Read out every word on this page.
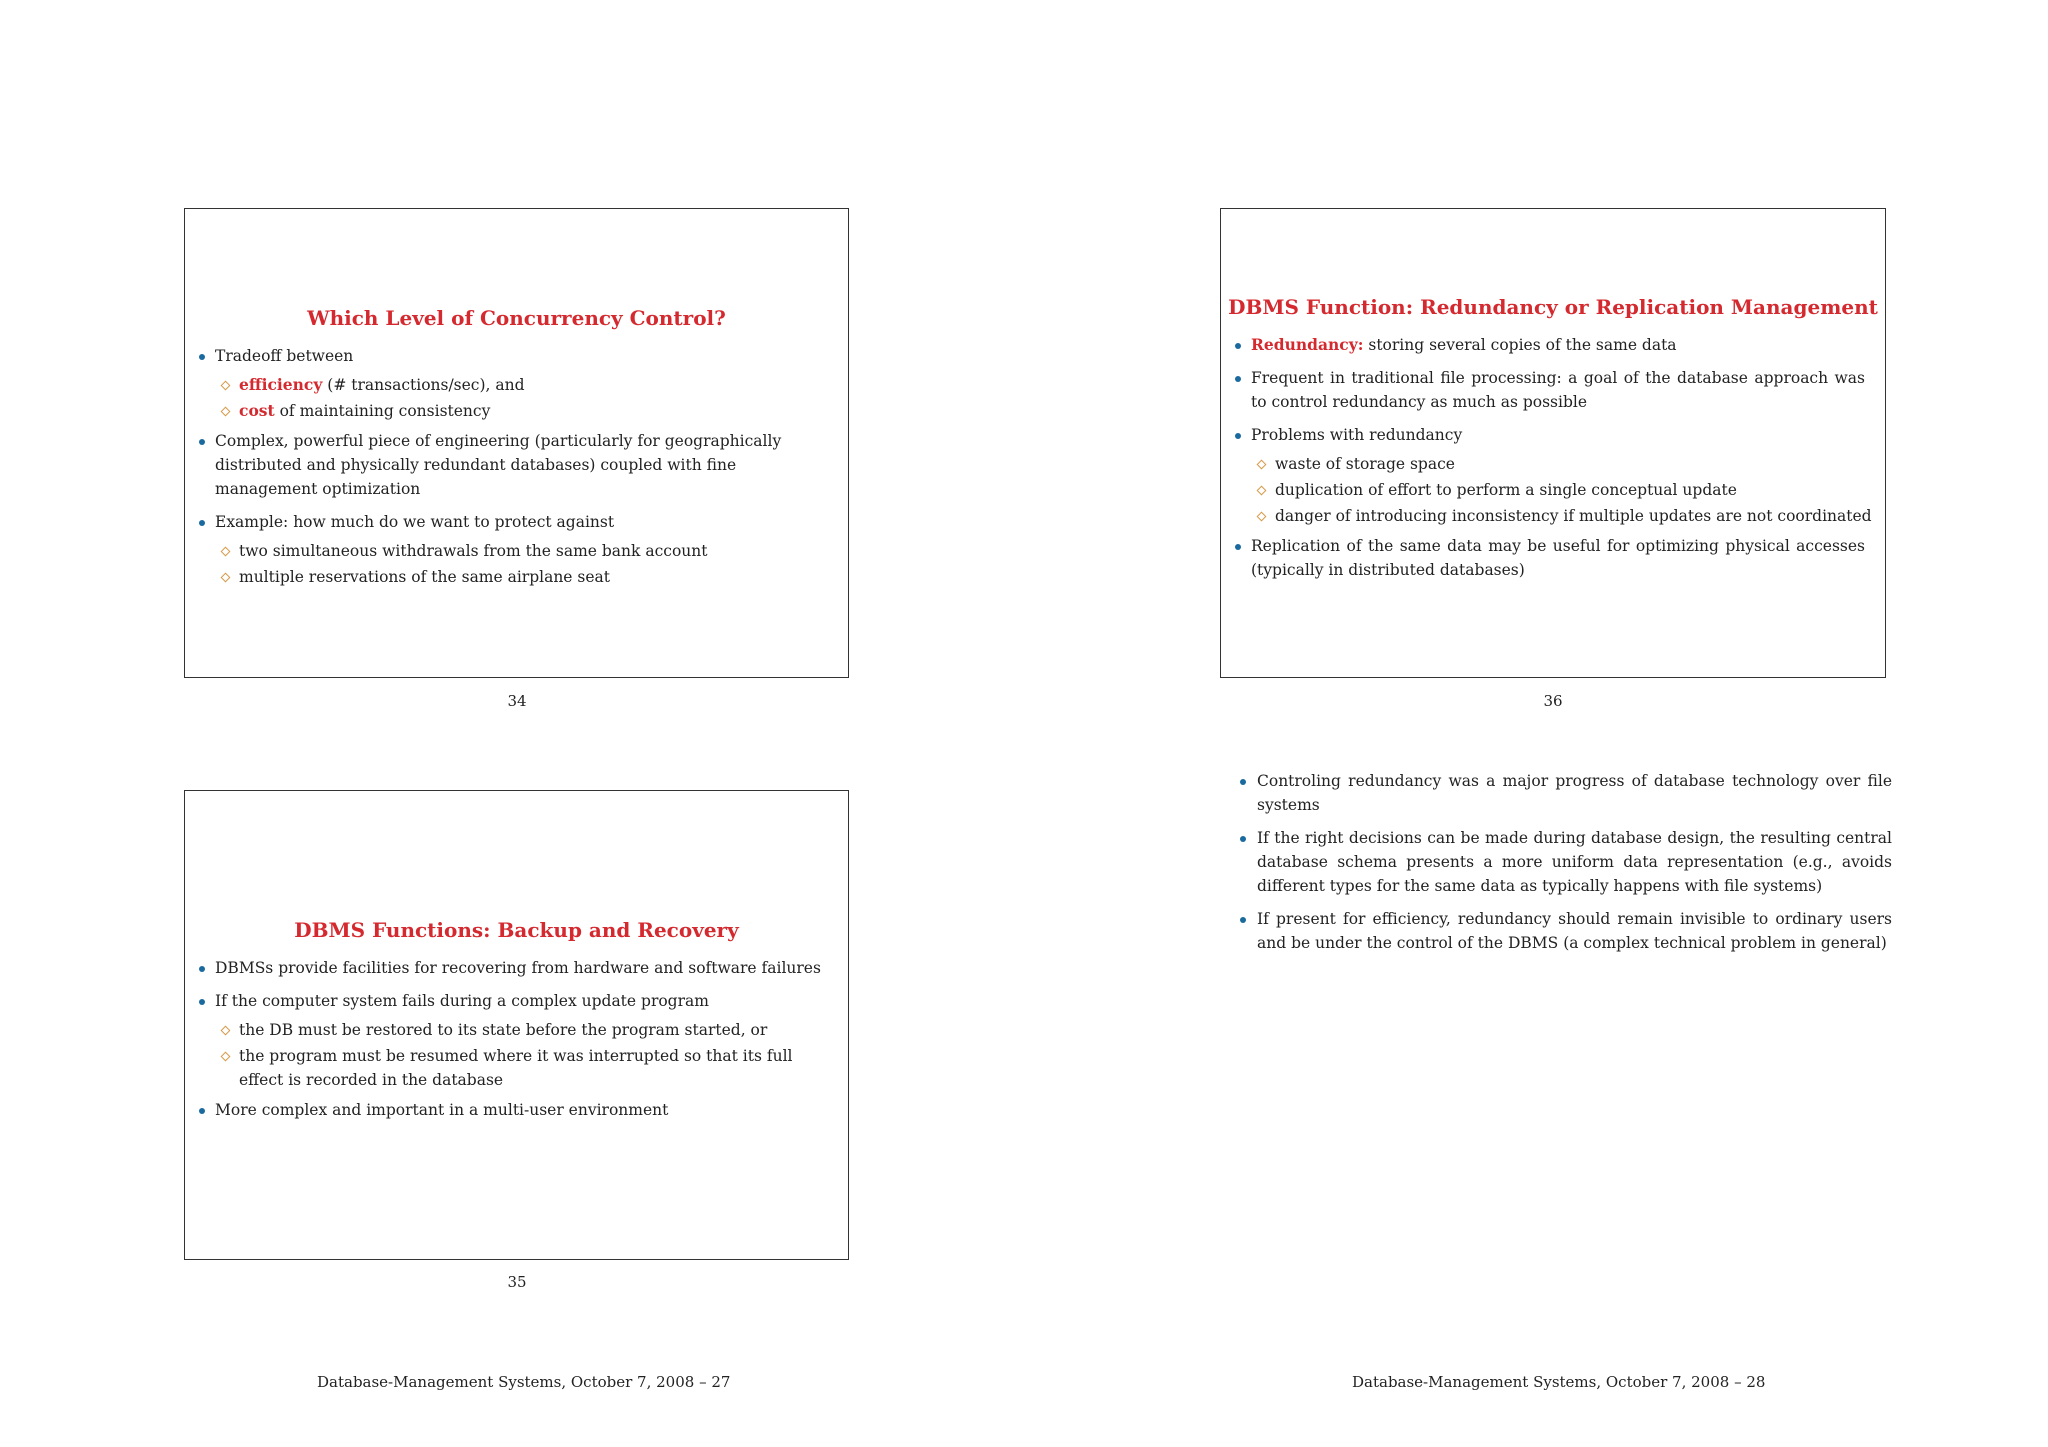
Which Level of Concurrency Control?
Tradeoff between
efficiency (# transactions/sec), and
cost of maintaining consistency
Complex, powerful piece of engineering (particularly for geographically distributed and physically redundant databases) coupled with fine management optimization
Example: how much do we want to protect against
two simultaneous withdrawals from the same bank account
multiple reservations of the same airplane seat
34
DBMS Functions: Backup and Recovery
DBMSs provide facilities for recovering from hardware and software failures
If the computer system fails during a complex update program
the DB must be restored to its state before the program started, or
the program must be resumed where it was interrupted so that its full effect is recorded in the database
More complex and important in a multi-user environment
35
DBMS Function: Redundancy or Replication Management
Redundancy: storing several copies of the same data
Frequent in traditional file processing: a goal of the database approach was to control redundancy as much as possible
Problems with redundancy
waste of storage space
duplication of effort to perform a single conceptual update
danger of introducing inconsistency if multiple updates are not coordinated
Replication of the same data may be useful for optimizing physical accesses (typically in distributed databases)
36
Controling redundancy was a major progress of database technology over file systems
If the right decisions can be made during database design, the resulting central database schema presents a more uniform data representation (e.g., avoids different types for the same data as typically happens with file systems)
If present for efficiency, redundancy should remain invisible to ordinary users and be under the control of the DBMS (a complex technical problem in general)
Database-Management Systems, October 7, 2008 – 27	Database-Management Systems, October 7, 2008 – 28
